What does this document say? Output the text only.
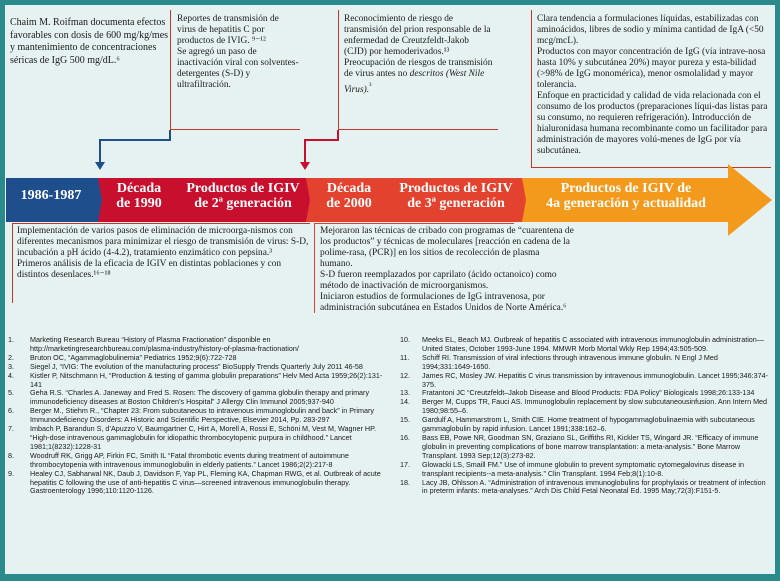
Chaim M. Roifman documenta efectos favorables con dosis de 600 mg/kg/mes y mantenimiento de concentraciones séricas de IgG 500 mg/dL.⁶

Reportes de transmisión de virus de hepatitis C por productos de IVIG. ⁹⁻¹²

Se agregó un paso de inactivación viral con solventes-detergentes (S-D) y ultrafiltración.

Reconocimiento de riesgo de transmisión del prion responsable de la enfermedad de Creutzfeldt-Jakob (CJD) por hemoderivados.¹³

Preocupación de riesgos de transmisión de virus antes no descritos (West Nile Virus).$^{^3}$

Clara tendencia a formulaciones líquidas, estabilizadas con aminoácidos, libres de sodio y mínima cantidad de IgA (<50 mcg/mcL).

Productos con mayor concentración de IgG (vía intrave-nosa hasta 10% y subcutánea 20%) mayor pureza y esta-bilidad (>98% de IgG monomérica), menor osmolalidad y mayor tolerancia.

Enfoque en practicidad y calidad de vida relacionada con el consumo de los productos (preparaciones líqui-das listas para su consumo, no requieren refrigeración). Introducción de hialuronidasa humana recombinante como un facilitador para administración de mayores volú-menes de IgG por vía subcutánea.

1986-1987	Década
de 1990
Productos de IGIV
de 2ª generación
Década
de 2000
Productos de IGIV
de 3ª generación
Productos de IGIV de
4a generación y actualidad

Implementación de varios pasos de eliminación de microorga-nismos con diferentes mecanismos para minimizar el riesgo de transmisión de virus: S-D, incubación a pH ácido (4-4.2), tratamiento enzimático con pepsina.³

Primeros análisis de la eficacia de IGIV en distintas poblaciones y con distintos desenlaces.¹⁶⁻¹⁸

Mejoraron las técnicas de cribado con programas de “cuarentena de los productos” y técnicas de moleculares [reacción en cadena de la polime-rasa, (PCR)] en los sitios de recolección de plasma humano.

S-D fueron reemplazados por caprilato (ácido octanoico) como método de inactivación de microorganismos.

Iniciaron estudios de formulaciones de IgG intravenosa, por administración subcutánea en Estados Unidos de Norte América.⁶

1.	Marketing Research Bureau “History of Plasma Fractionation” disponible en http://marketingresearchbureau.com/plasma-industry/history-of-plasma-fractionation/
2.	Bruton OC, “Agammaglobulinemia” Pediatrics 1952;9(6):722-728
3.	Siegel J, “IVIG: The evolution of the manufacturing process” BioSupply Trends Quarterly July 2011 46-58
4.	Kistler P, Nitschmann H, “Production & testing of gamma globulin preparations” Helv Med Acta 1959;26(2):131-141
5.	Geha R.S. “Charles A. Janeway and Fred S. Rosen: The discovery of gamma globulin therapy and primary immunodeficiency diseases at Boston Children’s Hospital” J Allergy Clin Immunol 2005;937-940
6.	Berger M., Stiehm R., “Chapter 23: From subcutaneous to intravenous immunoglobulin and back” in Primary Immunodeficiency Disorders: A Historic and Scientific Perspective, Elsevier 2014, Pp. 283-297
7.	Imbach P, Barandun S, d’Apuzzo V, Baumgartner C, Hirt A, Morell A, Rossi E, Schöni M, Vest M, Wagner HP. “High-dose intravenous gammaglobulin for idiopathic thrombocytopenic purpura in childhood.” Lancet 1981;1(8232):1228-31
8.	Woodruff RK, Grigg AP, Firkin FC, Smith IL “Fatal thrombotic events during treatment of autoimmune thrombocytopenia with intravenous immunoglobulin in elderly patients.” Lancet 1986;2(2):217-8
9.	Healey CJ, Sabharwal NK, Daub J, Davidson F, Yap PL, Fleming KA, Chapman RWG, et al. Outbreak of acute hepatitis C following the use of anti-hepatitis C virus—screened intravenous immunoglobulin therapy. Gastroenterology 1996;110:1120-1126.
10.	Meeks EL, Beach MJ. Outbreak of hepatitis C associated with intravenous immunoglobulin administration—United States, October 1993-June 1994. MMWR Morb Mortal Wkly Rep 1994;43:505-509.
11.	Schiff RI. Transmission of viral infections through intravenous immune globulin. N Engl J Med 1994;331:1649-1650.
12.	James RC, Mosley JW. Hepatitis C virus transmission by intravenous immunoglobulin. Lancet 1995;346:374-375.
13.	Fratantoni JC “Creutzfeldt–Jakob Disease and Blood Products: FDA Policy” Biologicals 1998;26:133-134
14.	Berger M, Cupps TR, Fauci AS. Immunoglobulin replacement by slow subcutaneousinfusion. Ann Intern Med 1980;98:55–6.
15.	Gardulf A, Hammarstrom L, Smith CIE. Home treatment of hypogammaglobulinaemia with subcutaneous gammaglobulin by rapid infusion. Lancet 1991;338:162–6.
16.	Bass EB, Powe NR, Goodman SN, Graziano SL, Griffiths RI, Kickler TS, Wingard JR. “Efficacy of immune globulin in preventing complications of bone marrow transplantation: a meta-analysis.” Bone Marrow Transplant. 1993 Sep;12(3):273-82.
17.	Glowacki LS, Smaill FM.” Use of immune globulin to prevent symptomatic cytomegalovirus disease in transplant recipients--a meta-analysis.” Clin Transplant. 1994 Feb;8(1):10-8.
18.	Lacy JB, Ohlsson A. “Administration of intravenous immunoglobulins for prophylaxis or treatment of infection in preterm infants: meta-analyses.” Arch Dis Child Fetal Neonatal Ed. 1995 May;72(3):F151-5.
